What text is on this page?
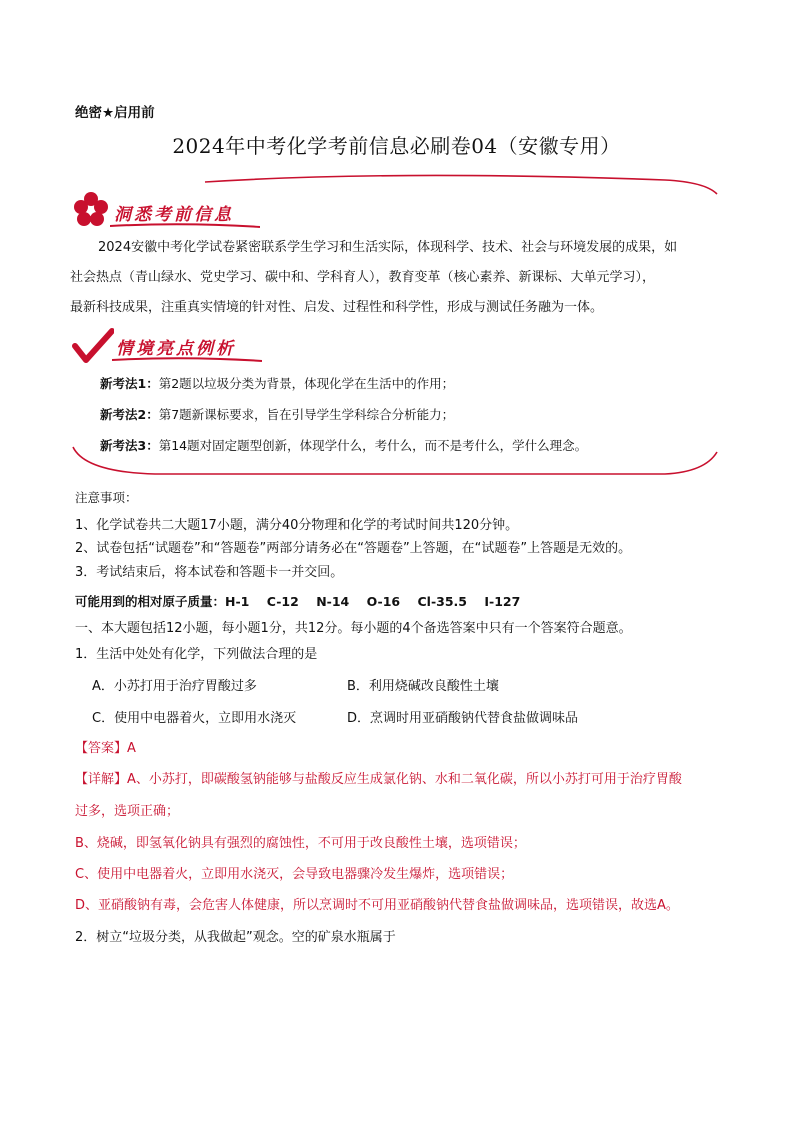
绝密★启用前
2024年中考化学考前信息必刷卷04（安徽专用）
洞悉考前信息

2024安徽中考化学试卷紧密联系学生学习和生活实际，体现科学、技术、社会与环境发展的成果，如

社会热点（青山绿水、党史学习、碳中和、学科育人），教育变革（核心素养、新课标、大单元学习），
最新科技成果，注重真实情境的针对性、启发、过程性和科学性，形成与测试任务融为一体。
情境亮点例析
新考法1：第2题以垃圾分类为背景，体现化学在生活中的作用；
新考法2：第7题新课标要求，旨在引导学生学科综合分析能力；
新考法3：第14题对固定题型创新，体现学什么，考什么，而不是考什么，学什么理念。
注意事项：
1、化学试卷共二大题17小题，满分40分物理和化学的考试时间共120分钟。
2、试卷包括“试题卷”和“答题卷”两部分请务必在“答题卷”上答题，在“试题卷”上答题是无效的。
3．考试结束后，将本试卷和答题卡一并交回。
可能用到的相对原子质量：H-1    C-12    N-14    O-16    Cl-35.5    I-127
一、本大题包括12小题，每小题1分，共12分。每小题的4个备选答案中只有一个答案符合题意。
1．生活中处处有化学，下列做法合理的是
A．小苏打用于治疗胃酸过多	B．利用烧碱改良酸性土壤
C．使用中电器着火，立即用水浇灭	D．烹调时用亚硝酸钠代替食盐做调味品
【答案】A
【详解】A、小苏打，即碳酸氢钠能够与盐酸反应生成氯化钠、水和二氧化碳，所以小苏打可用于治疗胃酸
过多，选项正确；
B、烧碱，即氢氧化钠具有强烈的腐蚀性，不可用于改良酸性土壤，选项错误；
C、使用中电器着火，立即用水浇灭，会导致电器骤冷发生爆炸，选项错误；
D、亚硝酸钠有毒，会危害人体健康，所以烹调时不可用亚硝酸钠代替食盐做调味品，选项错误，故选A。
2．树立“垃圾分类，从我做起”观念。空的矿泉水瓶属于
